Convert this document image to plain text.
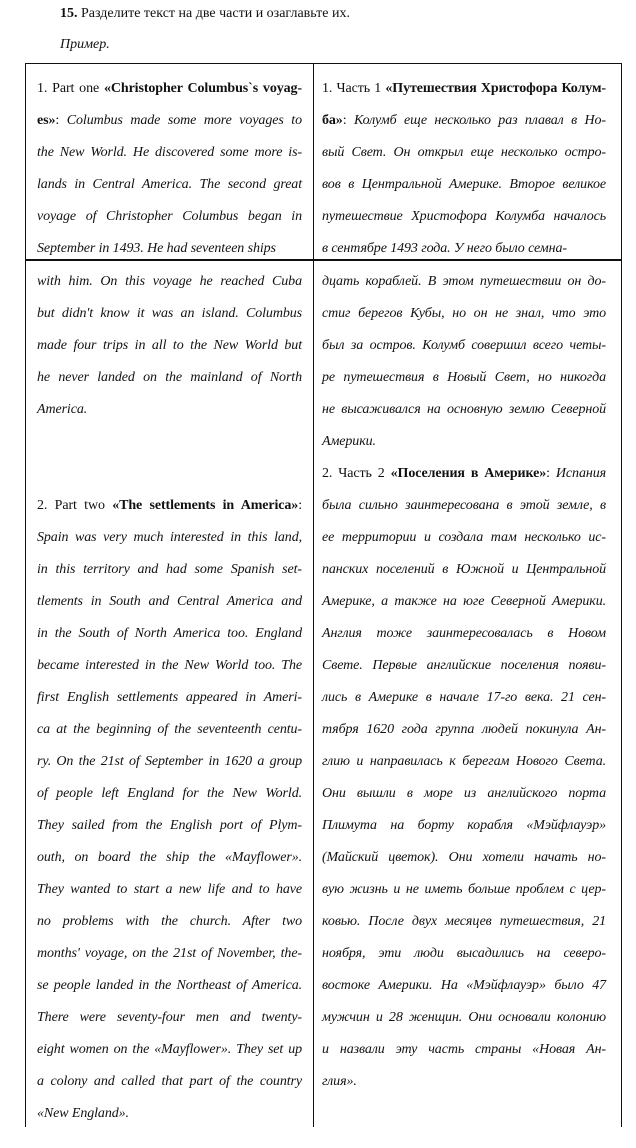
15. Разделите текст на две части и озаглавьте их.
Пример.
1. Part one «Christopher Columbus`s voyag-
es»: Columbus made some more voyages to
the New World. He discovered some more is-
lands in Central America. The second great
voyage of Christopher Columbus began in
September in 1493. He had seventeen ships
1. Часть 1 «Путешествия Христофора Колум-
ба»: Колумб еще несколько раз плавал в Но-
вый Свет. Он открыл еще несколько остро-
вов в Центральной Америке. Второе великое
путешествие Христофора Колумба началось
в сентябре 1493 года. У него было семна-
with him. On this voyage he reached Cuba
but didn't know it was an island. Columbus
made four trips in all to the New World but
he never landed on the mainland of North
America.

2. Part two «The settlements in America»:
Spain was very much interested in this land,
in this territory and had some Spanish set-
tlements in South and Central America and
in the South of North America too. England
became interested in the New World too. The
first English settlements appeared in Ameri-
ca at the beginning of the seventeenth centu-
ry. On the 21st of September in 1620 a group
of people left England for the New World.
They sailed from the English port of Plym-
outh, on board the ship the «Mayflower».
They wanted to start a new life and to have
no problems with the church. After two
months' voyage, on the 21st of November, the-
se people landed in the Northeast of America.
There were seventy-four men and twenty-
eight women on the «Mayflower». They set up
a colony and called that part of the country
«New England».
дцать кораблей. В этом путешествии он до-
стиг берегов Кубы, но он не знал, что это
был за остров. Колумб совершил всего четы-
ре путешествия в Новый Свет, но никогда
не высаживался на основную землю Северной
Америки.
2. Часть 2 «Поселения в Америке»: Испания
была сильно заинтересована в этой земле, в
ее территории и создала там несколько ис-
панских поселений в Южной и Центральной
Америке, а также на юге Северной Америки.
Англия тоже заинтересовалась в Новом
Свете. Первые английские поселения появи-
лись в Америке в начале 17-го века. 21 сен-
тября 1620 года группа людей покинула Ан-
глию и направилась к берегам Нового Света.
Они вышли в море из английского порта
Плимута на борту корабля «Мэйфлауэр»
(Майский цветок). Они хотели начать но-
вую жизнь и не иметь больше проблем с цер-
ковью. После двух месяцев путешествия, 21
ноября, эти люди высадились на северо-
востоке Америки. На «Мэйфлауэр» было 47
мужчин и 28 женщин. Они основали колонию
и назвали эту часть страны «Новая Ан-
глия».
